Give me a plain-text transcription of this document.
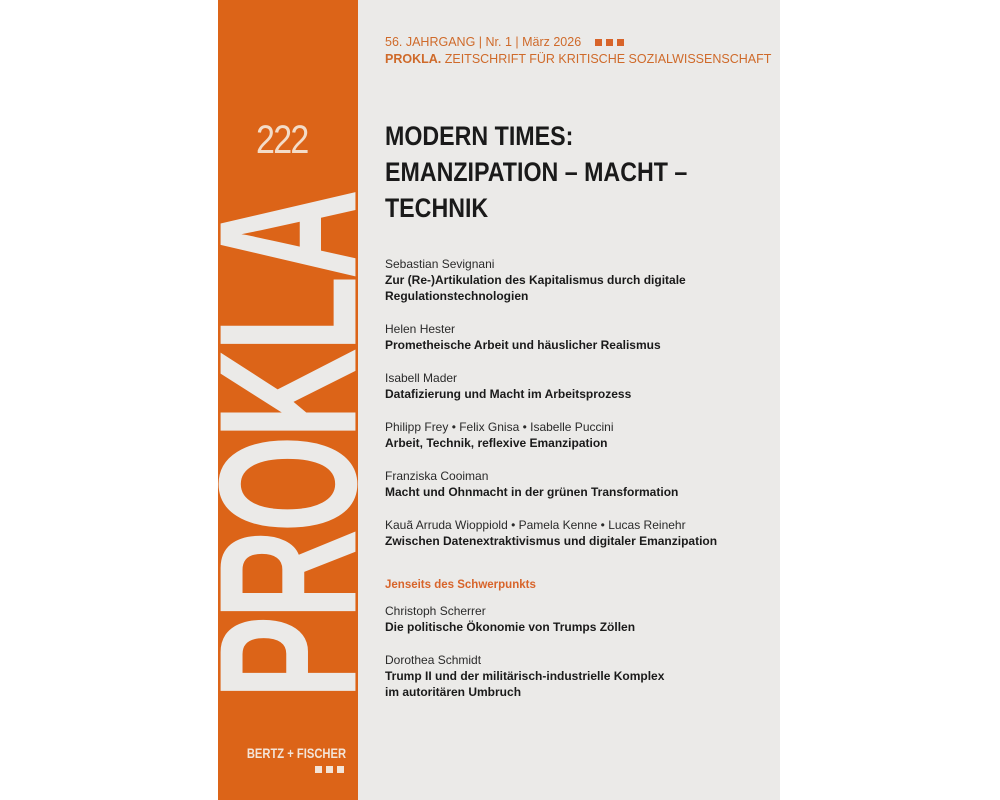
PROKLA
222
BERTZ + FISCHER
56. JAHRGANG | Nr. 1 | März 2026
PROKLA. ZEITSCHRIFT FÜR KRITISCHE SOZIALWISSENSCHAFT
MODERN TIMES:
EMANZIPATION – MACHT –
TECHNIK
Sebastian Sevignani
Zur (Re-)Artikulation des Kapitalismus durch digitale Regulationstechnologien
Helen Hester
Prometheische Arbeit und häuslicher Realismus
Isabell Mader
Datafizierung und Macht im Arbeitsprozess
Philipp Frey • Felix Gnisa • Isabelle Puccini
Arbeit, Technik, reflexive Emanzipation
Franziska Cooiman
Macht und Ohnmacht in der grünen Transformation
Kauã Arruda Wioppiold • Pamela Kenne • Lucas Reinehr
Zwischen Datenextraktivismus und digitaler Emanzipation
Jenseits des Schwerpunkts
Christoph Scherrer
Die politische Ökonomie von Trumps Zöllen
Dorothea Schmidt
Trump II und der militärisch-industrielle Komplex im autoritären Umbruch
